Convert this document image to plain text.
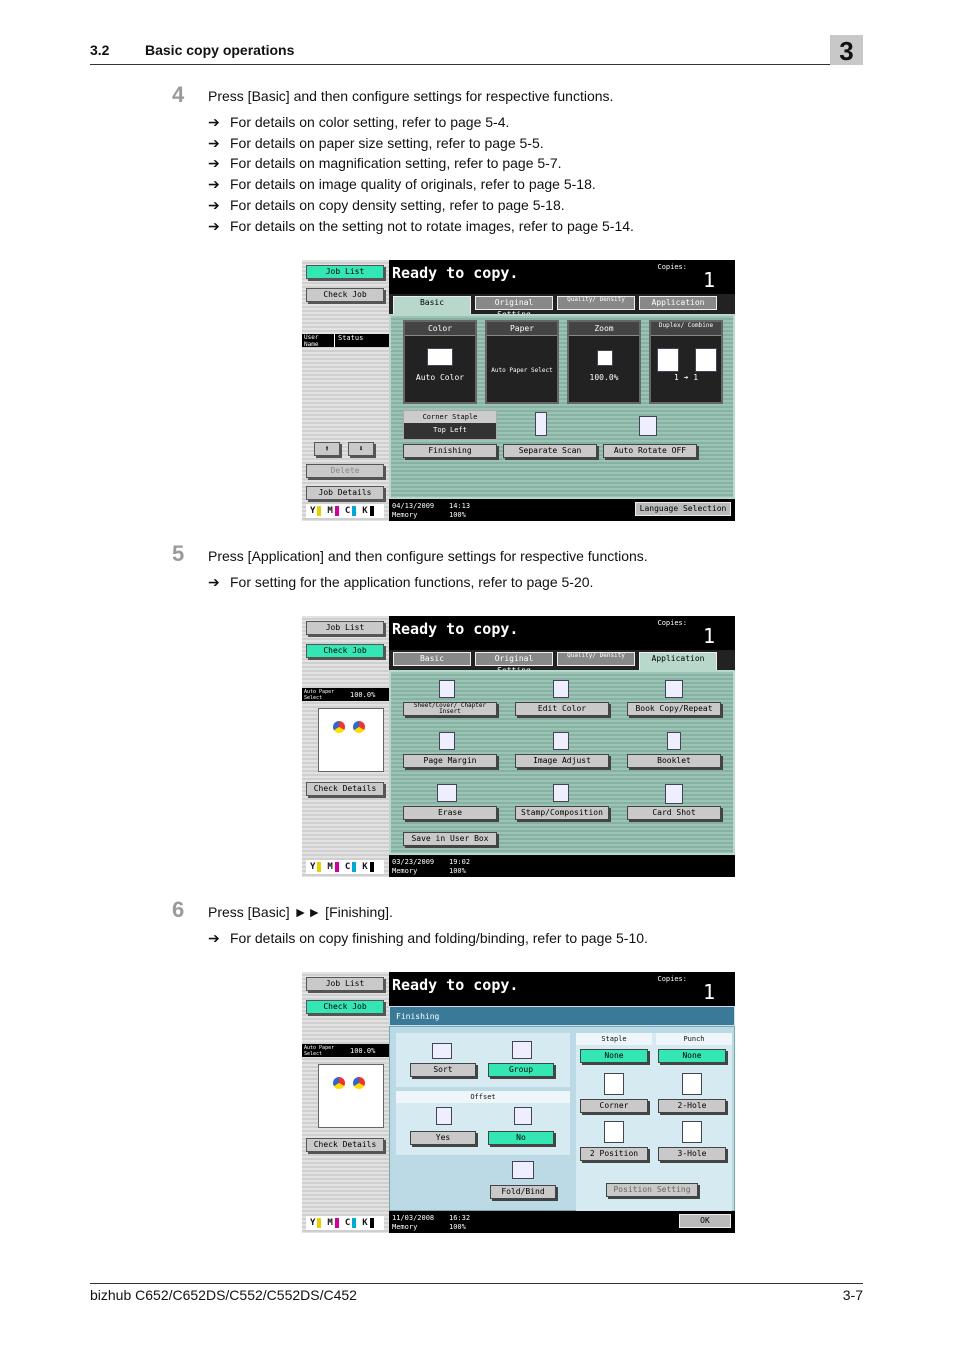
3.2	Basic copy operations	3
4 Press [Basic] and then configure settings for respective functions.
➔ For details on color setting, refer to page 5-4.
➔ For details on paper size setting, refer to page 5-5.
➔ For details on magnification setting, refer to page 5-7.
➔ For details on image quality of originals, refer to page 5-18.
➔ For details on copy density setting, refer to page 5-18.
➔ For details on the setting not to rotate images, refer to page 5-14.
Job List
Check Job
User Name
Status
⬆	⬇
Delete
Job Details
Y M C K
Ready to copy.	Copies:
1
Basic	Original	Quality/ Density	Application
Color
Auto Color
Paper
Auto Paper Select
Zoom
100.0%
Duplex/ Combine
1 ➔ 1
Corner Staple
Top Left
Finishing	Separate Scan	Auto Rotate OFF
04/13/2009
Memory
14:13
100%
Language Selection
5 Press [Application] and then configure settings for respective functions.
➔ For setting for the application functions, refer to page 5-20.
Job List
Check Job
Auto Paper Select	100.0%
Check Details
Y M C K
Ready to copy.	Copies:
1
Basic	Original	Quality/ Density	Application
Sheet/Cover/ Chapter Insert	Edit Color	Book Copy/Repeat
Page Margin	Image Adjust	Booklet
Erase	Stamp/Composition	Card Shot
Save in User Box
03/23/2009
Memory
19:02
100%
6 Press [Basic] ►► [Finishing].
➔ For details on copy finishing and folding/binding, refer to page 5-10.
Job List
Check Job
Auto Paper Select	100.0%
Check Details
Y M C K
Ready to copy.	Copies:
1
Finishing
Sort	Group
Offset
Yes	No
Fold/Bind
Staple	Punch
None	None
Corner	2-Hole
2 Position	3-Hole
Position Setting
11/03/2008
Memory
16:32
100%
OK
bizhub C652/C652DS/C552/C552DS/C452	3-7
